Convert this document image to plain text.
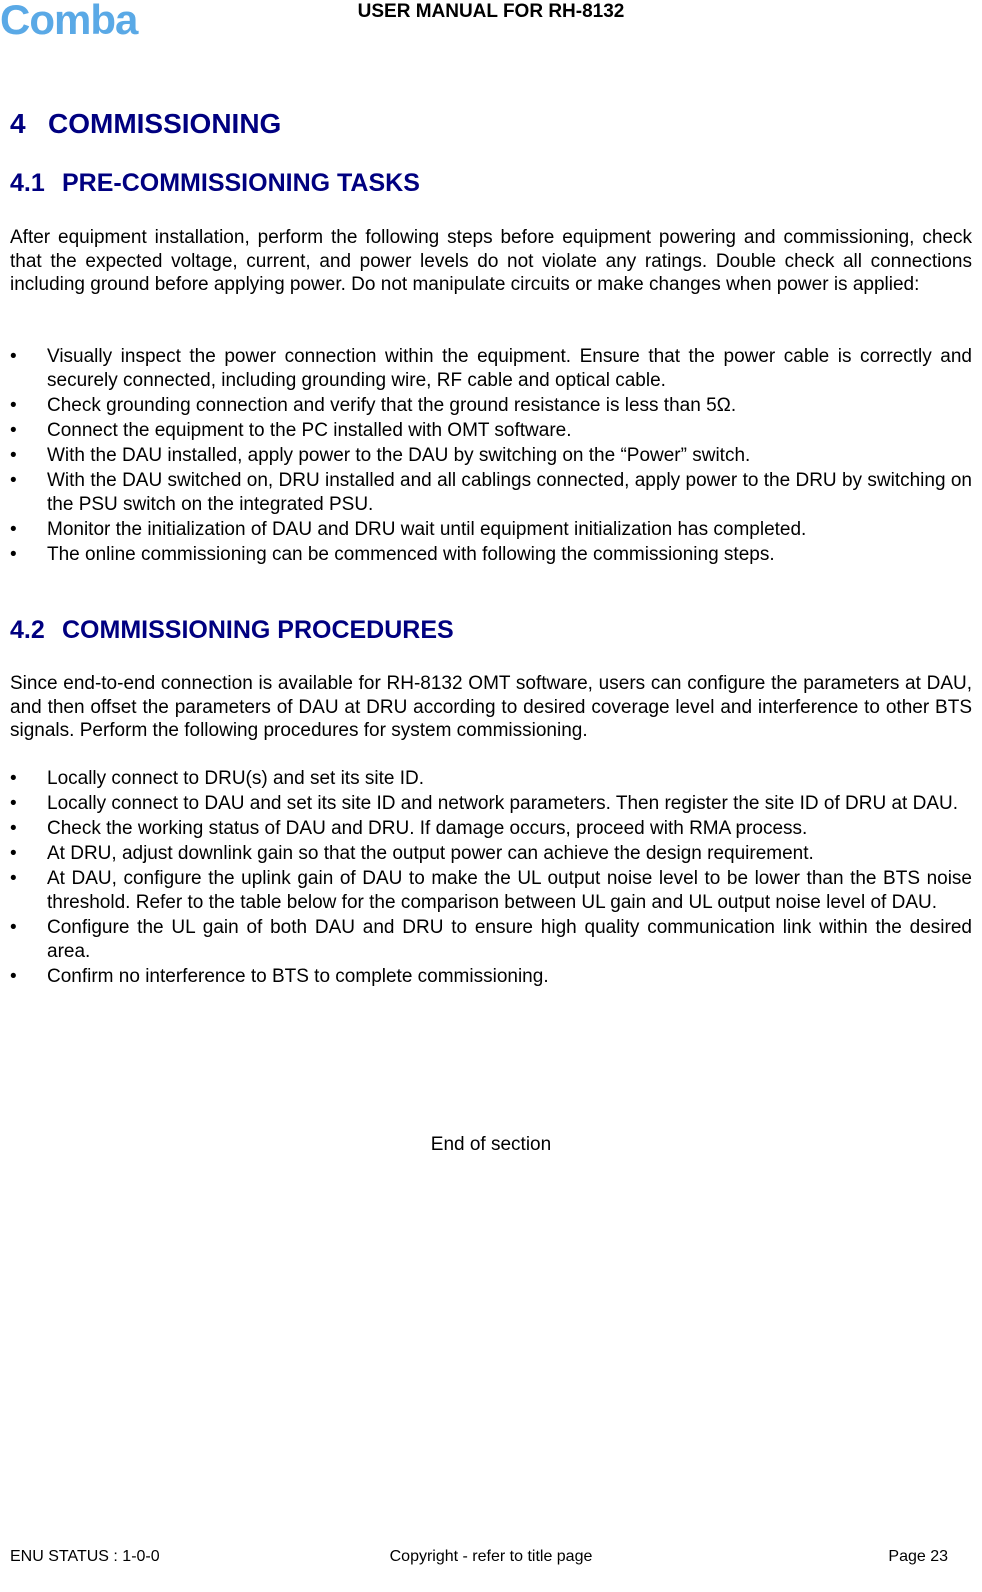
Comba	USER MANUAL FOR RH-8132
4 COMMISSIONING
4.1 PRE-COMMISSIONING TASKS

After equipment installation, perform the following steps before equipment powering and commissioning, check that the expected voltage, current, and power levels do not violate any ratings. Double check all connections including ground before applying power. Do not manipulate circuits or make changes when power is applied:

• Visually inspect the power connection within the equipment. Ensure that the power cable is correctly and securely connected, including grounding wire, RF cable and optical cable.
• Check grounding connection and verify that the ground resistance is less than 5Ω.
• Connect the equipment to the PC installed with OMT software.
• With the DAU installed, apply power to the DAU by switching on the “Power” switch.
• With the DAU switched on, DRU installed and all cablings connected, apply power to the DRU by switching on the PSU switch on the integrated PSU.
• Monitor the initialization of DAU and DRU wait until equipment initialization has completed.
• The online commissioning can be commenced with following the commissioning steps.
4.2 COMMISSIONING PROCEDURES

Since end-to-end connection is available for RH-8132 OMT software, users can configure the parameters at DAU, and then offset the parameters of DAU at DRU according to desired coverage level and interference to other BTS signals. Perform the following procedures for system commissioning.

• Locally connect to DRU(s) and set its site ID.
• Locally connect to DAU and set its site ID and network parameters. Then register the site ID of DRU at DAU.
• Check the working status of DAU and DRU. If damage occurs, proceed with RMA process.
• At DRU, adjust downlink gain so that the output power can achieve the design requirement.
• At DAU, configure the uplink gain of DAU to make the UL output noise level to be lower than the BTS noise threshold. Refer to the table below for the comparison between UL gain and UL output noise level of DAU.
• Configure the UL gain of both DAU and DRU to ensure high quality communication link within the desired area.
• Confirm no interference to BTS to complete commissioning.
End of section
ENU STATUS : 1-0-0	Copyright - refer to title page	Page 23
